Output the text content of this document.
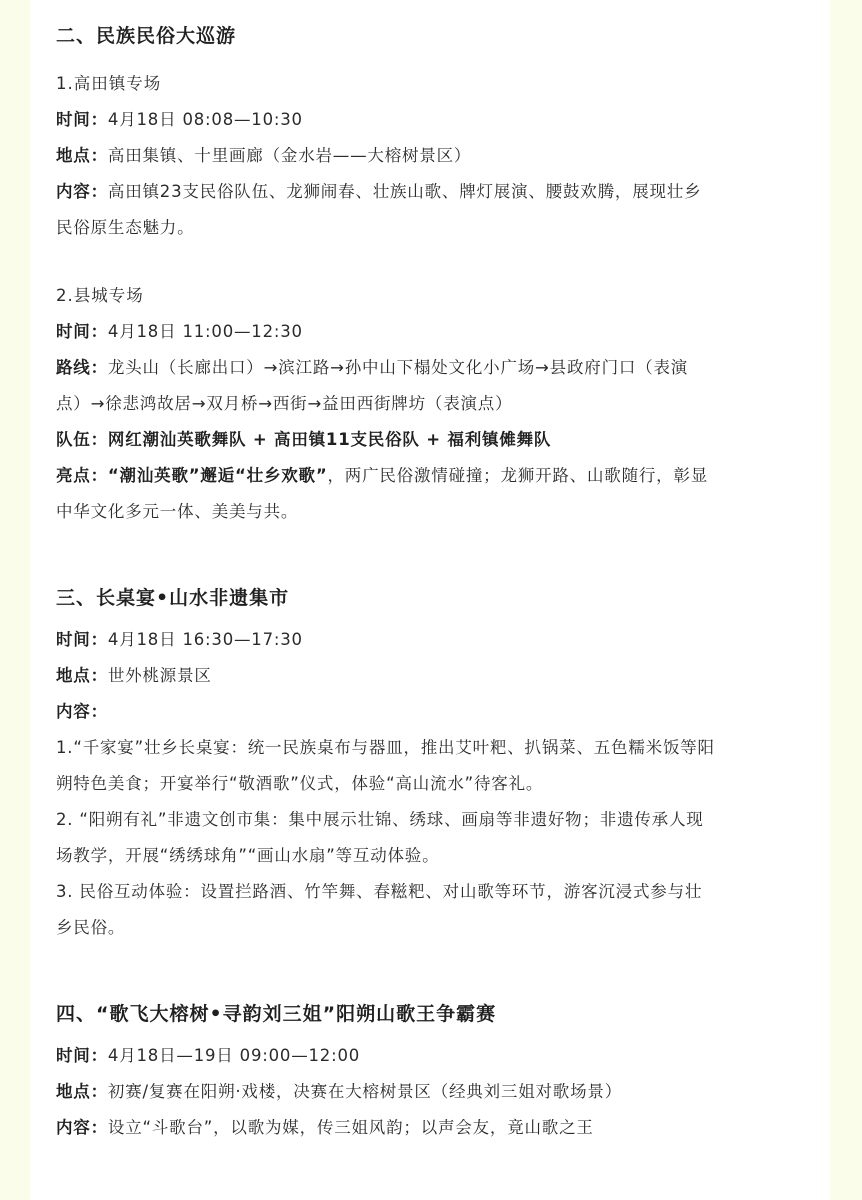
二、民族民俗大巡游

1.高田镇专场

时间：4月18日 08:08—10:30

地点：高田集镇、十里画廊（金水岩——大榕树景区）

内容：高田镇23支民俗队伍、龙狮闹春、壮族山歌、牌灯展演、腰鼓欢腾，展现壮乡

民俗原生态魅力。

2.县城专场

时间：4月18日 11:00—12:30

路线：龙头山（长廊出口）→滨江路→孙中山下榻处文化小广场→县政府门口（表演

点）→徐悲鸿故居→双月桥→西街→益田西街牌坊（表演点）

队伍：网红潮汕英歌舞队 + 高田镇11支民俗队 + 福利镇傩舞队

亮点：“潮汕英歌”邂逅“壮乡欢歌”，两广民俗激情碰撞；龙狮开路、山歌随行，彰显

中华文化多元一体、美美与共。

三、长桌宴•山水非遗集市

时间：4月18日 16:30—17:30

地点：世外桃源景区

内容：

1.“千家宴”壮乡长桌宴：统一民族桌布与器皿，推出艾叶粑、扒锅菜、五色糯米饭等阳

朔特色美食；开宴举行“敬酒歌”仪式，体验“高山流水”待客礼。

2. “阳朔有礼”非遗文创市集：集中展示壮锦、绣球、画扇等非遗好物；非遗传承人现

场教学，开展“绣绣球角”“画山水扇”等互动体验。

3. 民俗互动体验：设置拦路酒、竹竿舞、春糍粑、对山歌等环节，游客沉浸式参与壮

乡民俗。

四、“歌飞大榕树•寻韵刘三姐”阳朔山歌王争霸赛

时间：4月18日—19日 09:00—12:00

地点：初赛/复赛在阳朔·戏楼，决赛在大榕树景区（经典刘三姐对歌场景）

内容：设立“斗歌台”，以歌为媒，传三姐风韵；以声会友，竟山歌之王
